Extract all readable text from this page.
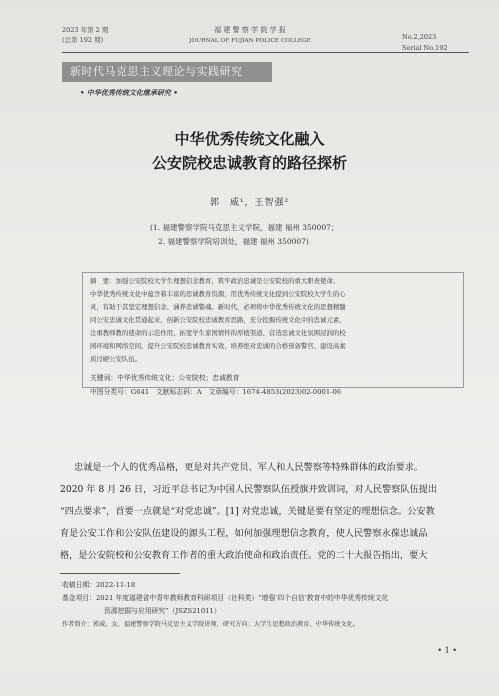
2023 年第 2 期
(总第 192 期)
福 建 警 察 学 院 学 报
JOURNAL OF FUJIAN POLICE COLLEGE	No.2,2023
Serial No.192
新时代马克思主义理论与实践研究
• 中华优秀传统文化继承研究 •
中华优秀传统文化融入
公安院校忠诚教育的路径探析
郭　威¹，王智强²
(1. 福建警察学院马克思主义学院，福建 福州 350007；
2. 福建警察学院培训处，福建 福州 350007)
摘　要：加强公安院校大学生理想信念教育，筑牢政治忠诚是公安院校的重大职责使命。
中华优秀传统文化中蕴含着丰富的忠诚教育资源，用优秀传统文化提到公安院校大学生的心
灵，有助于其坚定理想信念、涵养忠诚警魂。新时代，必须将中华优秀传统文化的思想精髓
同公安忠诚文化贯通起来，创新公安院校忠诚教育思路，充分挖掘传统文化中的忠诚元素、
注重教师教的使命的示范作用、拓宽学生家国情怀的厚植渠道、营造忠诚文化氛围浸润的校
园环境和网络空间，提升公安院校忠诚教育实效，培养绝对忠诚的合格预备警官、建设高素
质过硬公安队伍。
关键词：中华优秀传统文化；公安院校；忠诚教育
中图分类号：G641　文献标志码：A　文章编号：1674-4853(2023)02-0001-06
忠诚是一个人的优秀品格，更是对共产党员、军人和人民警察等特殊群体的政治要求。
2020 年 8 月 26 日，习近平总书记为中国人民警察队伍授旗并致训词，对人民警察队伍提出
“四点要求”，首要一点就是“对党忠诚”。[1] 对党忠诚，关键是要有坚定的理想信念。公安教
育是公安工作和公安队伍建设的源头工程，如何加强理想信念教育，使人民警察永葆忠诚品
格，是公安院校和公安教育工作者的重大政治使命和政治责任。党的二十大报告指出，要大
收稿日期：2022-11-18
基金项目：2021 年度福建省中青年教师教育科研项目（社科类）“增强‘四个自信’教育中的中华优秀传统文化
资源挖掘与应用研究”（JSZS21011）
作者简介：郭威，女，福建警察学院马克思主义学院讲师，研究方向：大学生思想政治教育、中华传统文化。
• 1 •
